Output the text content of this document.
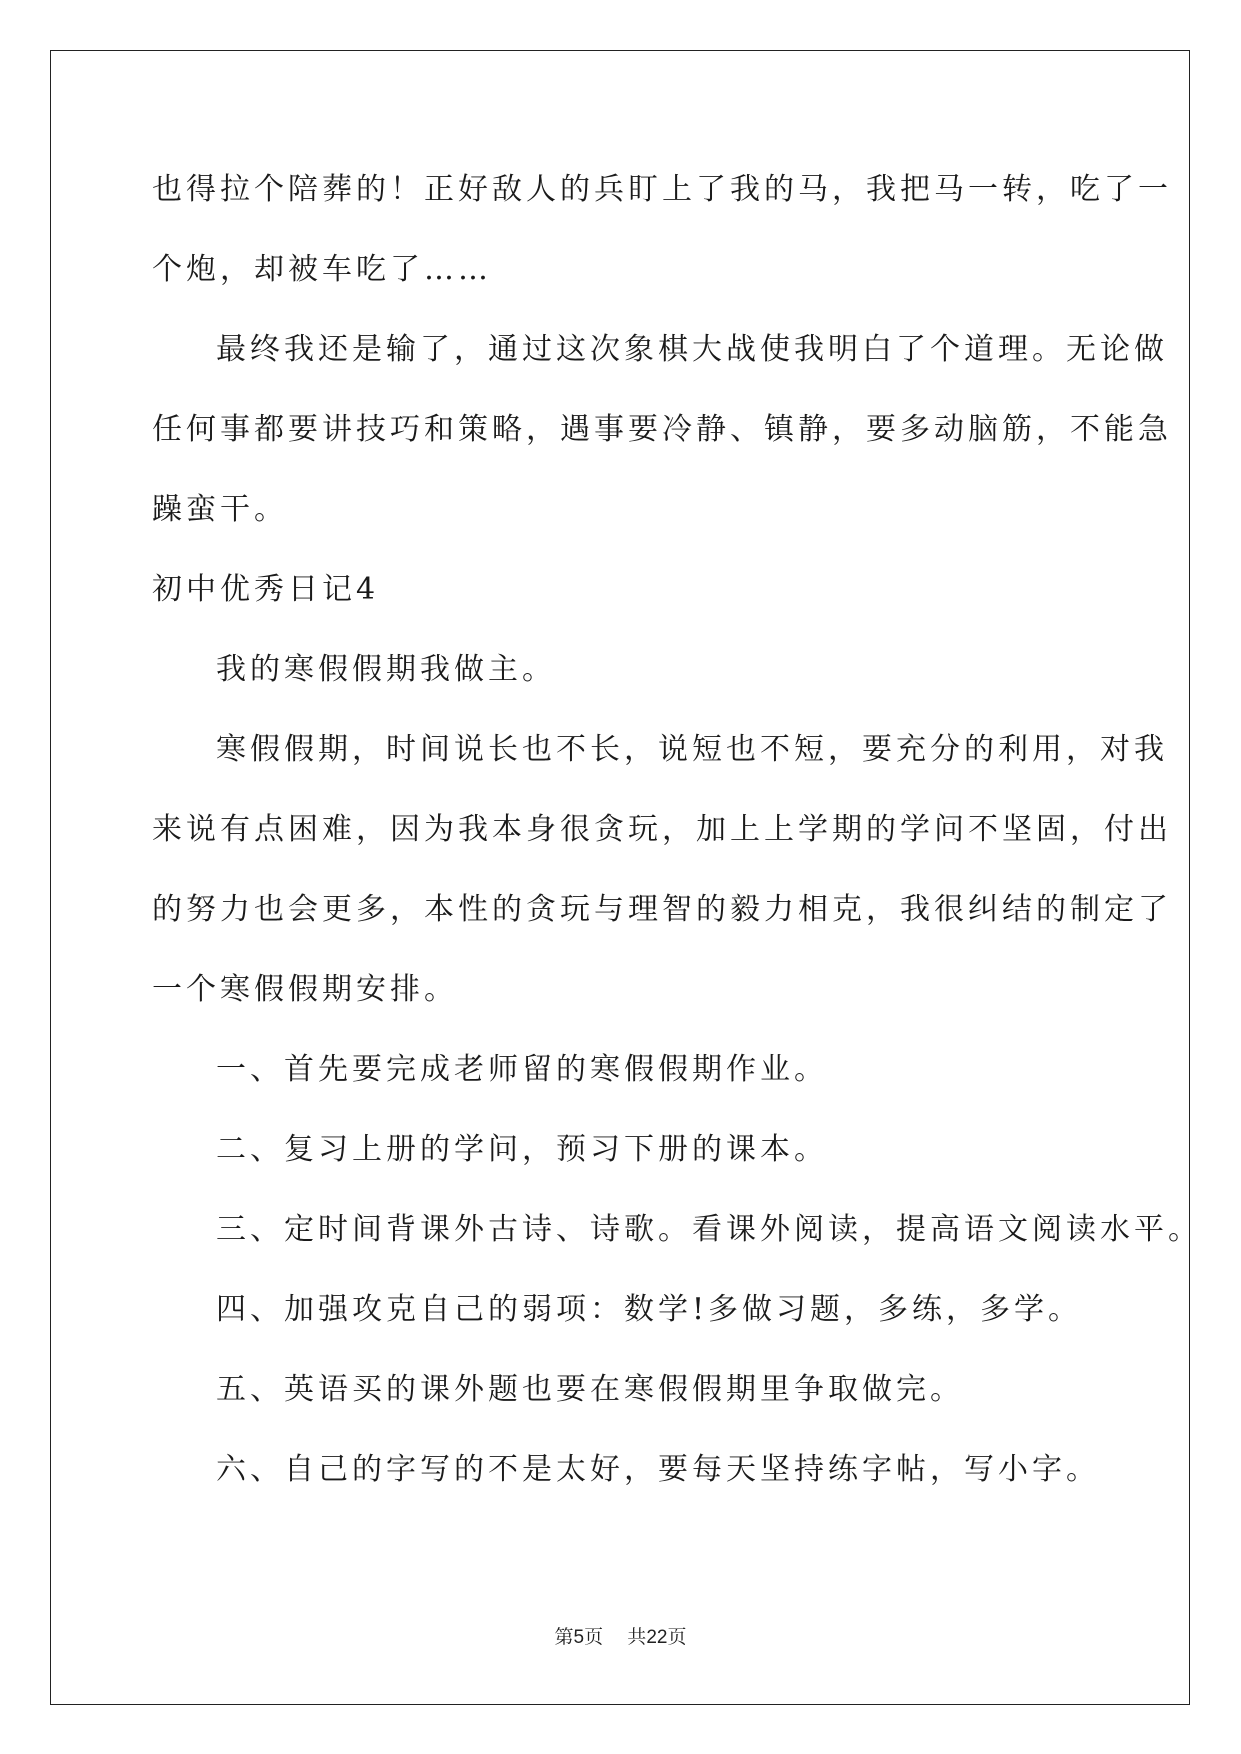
也得拉个陪葬的！正好敌人的兵盯上了我的马，我把马一转，吃了一
个炮，却被车吃了……
最终我还是输了，通过这次象棋大战使我明白了个道理。无论做
任何事都要讲技巧和策略，遇事要冷静、镇静，要多动脑筋，不能急
躁蛮干。
初中优秀日记4
我的寒假假期我做主。
寒假假期，时间说长也不长，说短也不短，要充分的利用，对我
来说有点困难，因为我本身很贪玩，加上上学期的学问不坚固，付出
的努力也会更多，本性的贪玩与理智的毅力相克，我很纠结的制定了
一个寒假假期安排。
一、首先要完成老师留的寒假假期作业。
二、复习上册的学问，预习下册的课本。
三、定时间背课外古诗、诗歌。看课外阅读，提高语文阅读水平。
四、加强攻克自己的弱项：数学!多做习题，多练，多学。
五、英语买的课外题也要在寒假假期里争取做完。
六、自己的字写的不是太好，要每天坚持练字帖，写小字。
第5页 共22页
